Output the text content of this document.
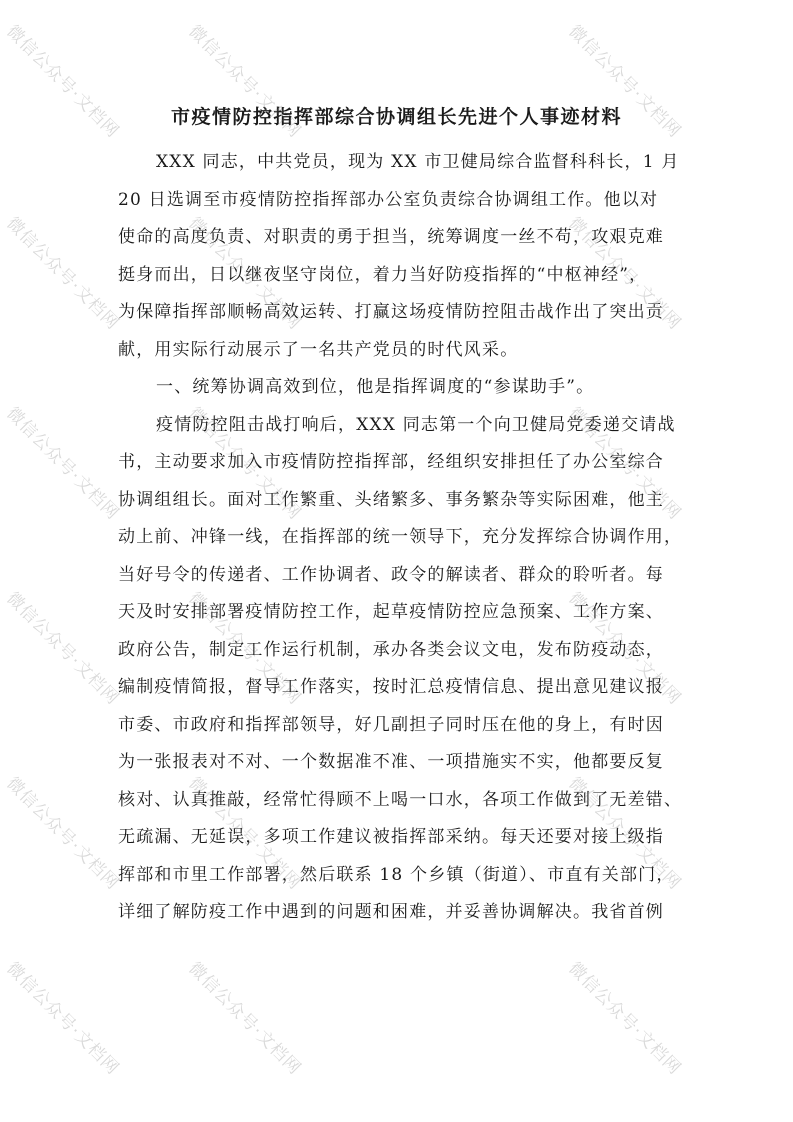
市疫情防控指挥部综合协调组长先进个人事迹材料
XXX 同志，中共党员，现为 XX 市卫健局综合监督科科长，1 月
20 日选调至市疫情防控指挥部办公室负责综合协调组工作。他以对
使命的高度负责、对职责的勇于担当，统筹调度一丝不苟，攻艰克难
挺身而出，日以继夜坚守岗位，着力当好防疫指挥的“中枢神经”，
为保障指挥部顺畅高效运转、打赢这场疫情防控阻击战作出了突出贡
献，用实际行动展示了一名共产党员的时代风采。
一、统筹协调高效到位，他是指挥调度的“参谋助手”。
疫情防控阻击战打响后，XXX 同志第一个向卫健局党委递交请战
书，主动要求加入市疫情防控指挥部，经组织安排担任了办公室综合
协调组组长。面对工作繁重、头绪繁多、事务繁杂等实际困难，他主
动上前、冲锋一线，在指挥部的统一领导下，充分发挥综合协调作用，
当好号令的传递者、工作协调者、政令的解读者、群众的聆听者。每
天及时安排部署疫情防控工作，起草疫情防控应急预案、工作方案、
政府公告，制定工作运行机制，承办各类会议文电，发布防疫动态，
编制疫情简报，督导工作落实，按时汇总疫情信息、提出意见建议报
市委、市政府和指挥部领导，好几副担子同时压在他的身上，有时因
为一张报表对不对、一个数据准不准、一项措施实不实，他都要反复
核对、认真推敲，经常忙得顾不上喝一口水，各项工作做到了无差错、
无疏漏、无延误，多项工作建议被指挥部采纳。每天还要对接上级指
挥部和市里工作部署，然后联系 18 个乡镇（街道）、市直有关部门，
详细了解防疫工作中遇到的问题和困难，并妥善协调解决。我省首例
微信公众号·文档网	微信公众号·文档网	微信公众号·文档网
微信公众号·文档网	微信公众号·文档网	微信公众号·文档网
微信公众号·文档网	微信公众号·文档网	微信公众号·文档网
微信公众号·文档网	微信公众号·文档网	微信公众号·文档网
微信公众号·文档网	微信公众号·文档网	微信公众号·文档网
微信公众号·文档网	微信公众号·文档网	微信公众号·文档网
